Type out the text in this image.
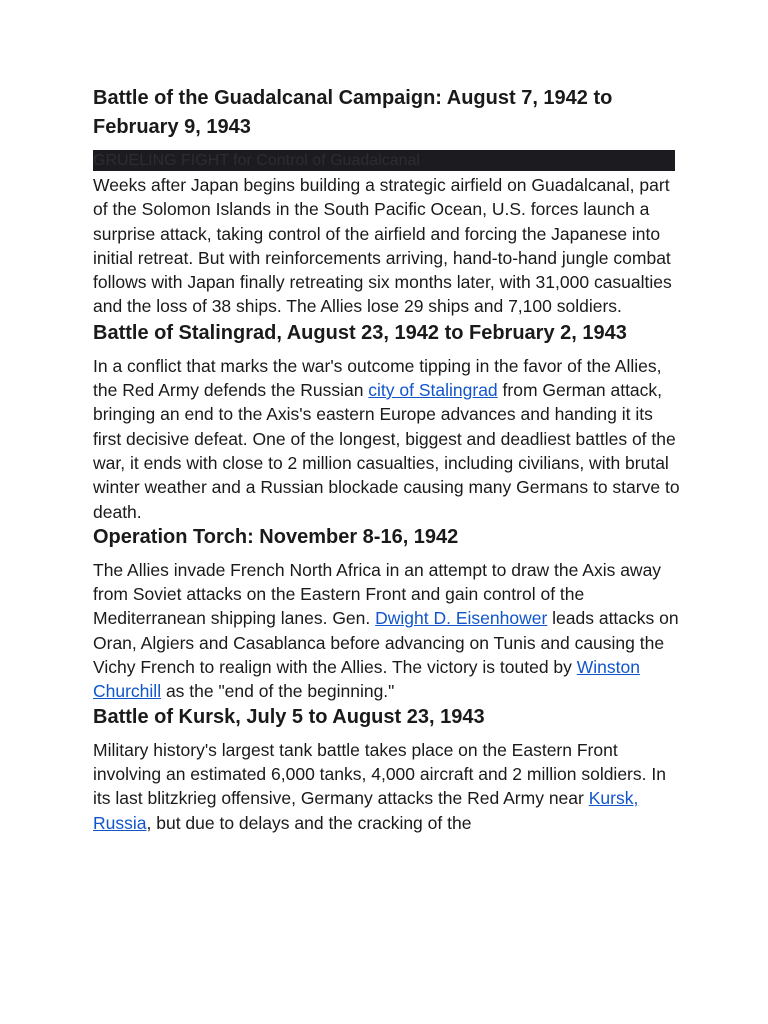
Battle of the Guadalcanal Campaign: August 7, 1942 to February 9, 1943
GRUELING FIGHT for Control of Guadalcanal

Weeks after Japan begins building a strategic airfield on Guadalcanal, part of the Solomon Islands in the South Pacific Ocean, U.S. forces launch a surprise attack, taking control of the airfield and forcing the Japanese into initial retreat. But with reinforcements arriving, hand-to-hand jungle combat follows with Japan finally retreating six months later, with 31,000 casualties and the loss of 38 ships. The Allies lose 29 ships and 7,100 soldiers.

Battle of Stalingrad, August 23, 1942 to February 2, 1943

In a conflict that marks the war's outcome tipping in the favor of the Allies, the Red Army defends the Russian city of Stalingrad from German attack, bringing an end to the Axis's eastern Europe advances and handing it its first decisive defeat. One of the longest, biggest and deadliest battles of the war, it ends with close to 2 million casualties, including civilians, with brutal winter weather and a Russian blockade causing many Germans to starve to death.

Operation Torch: November 8-16, 1942

The Allies invade French North Africa in an attempt to draw the Axis away from Soviet attacks on the Eastern Front and gain control of the Mediterranean shipping lanes. Gen. Dwight D. Eisenhower leads attacks on Oran, Algiers and Casablanca before advancing on Tunis and causing the Vichy French to realign with the Allies. The victory is touted by Winston Churchill as the "end of the beginning."

Battle of Kursk, July 5 to August 23, 1943

Military history's largest tank battle takes place on the Eastern Front involving an estimated 6,000 tanks, 4,000 aircraft and 2 million soldiers. In its last blitzkrieg offensive, Germany attacks the Red Army near Kursk, Russia, but due to delays and the cracking of the
